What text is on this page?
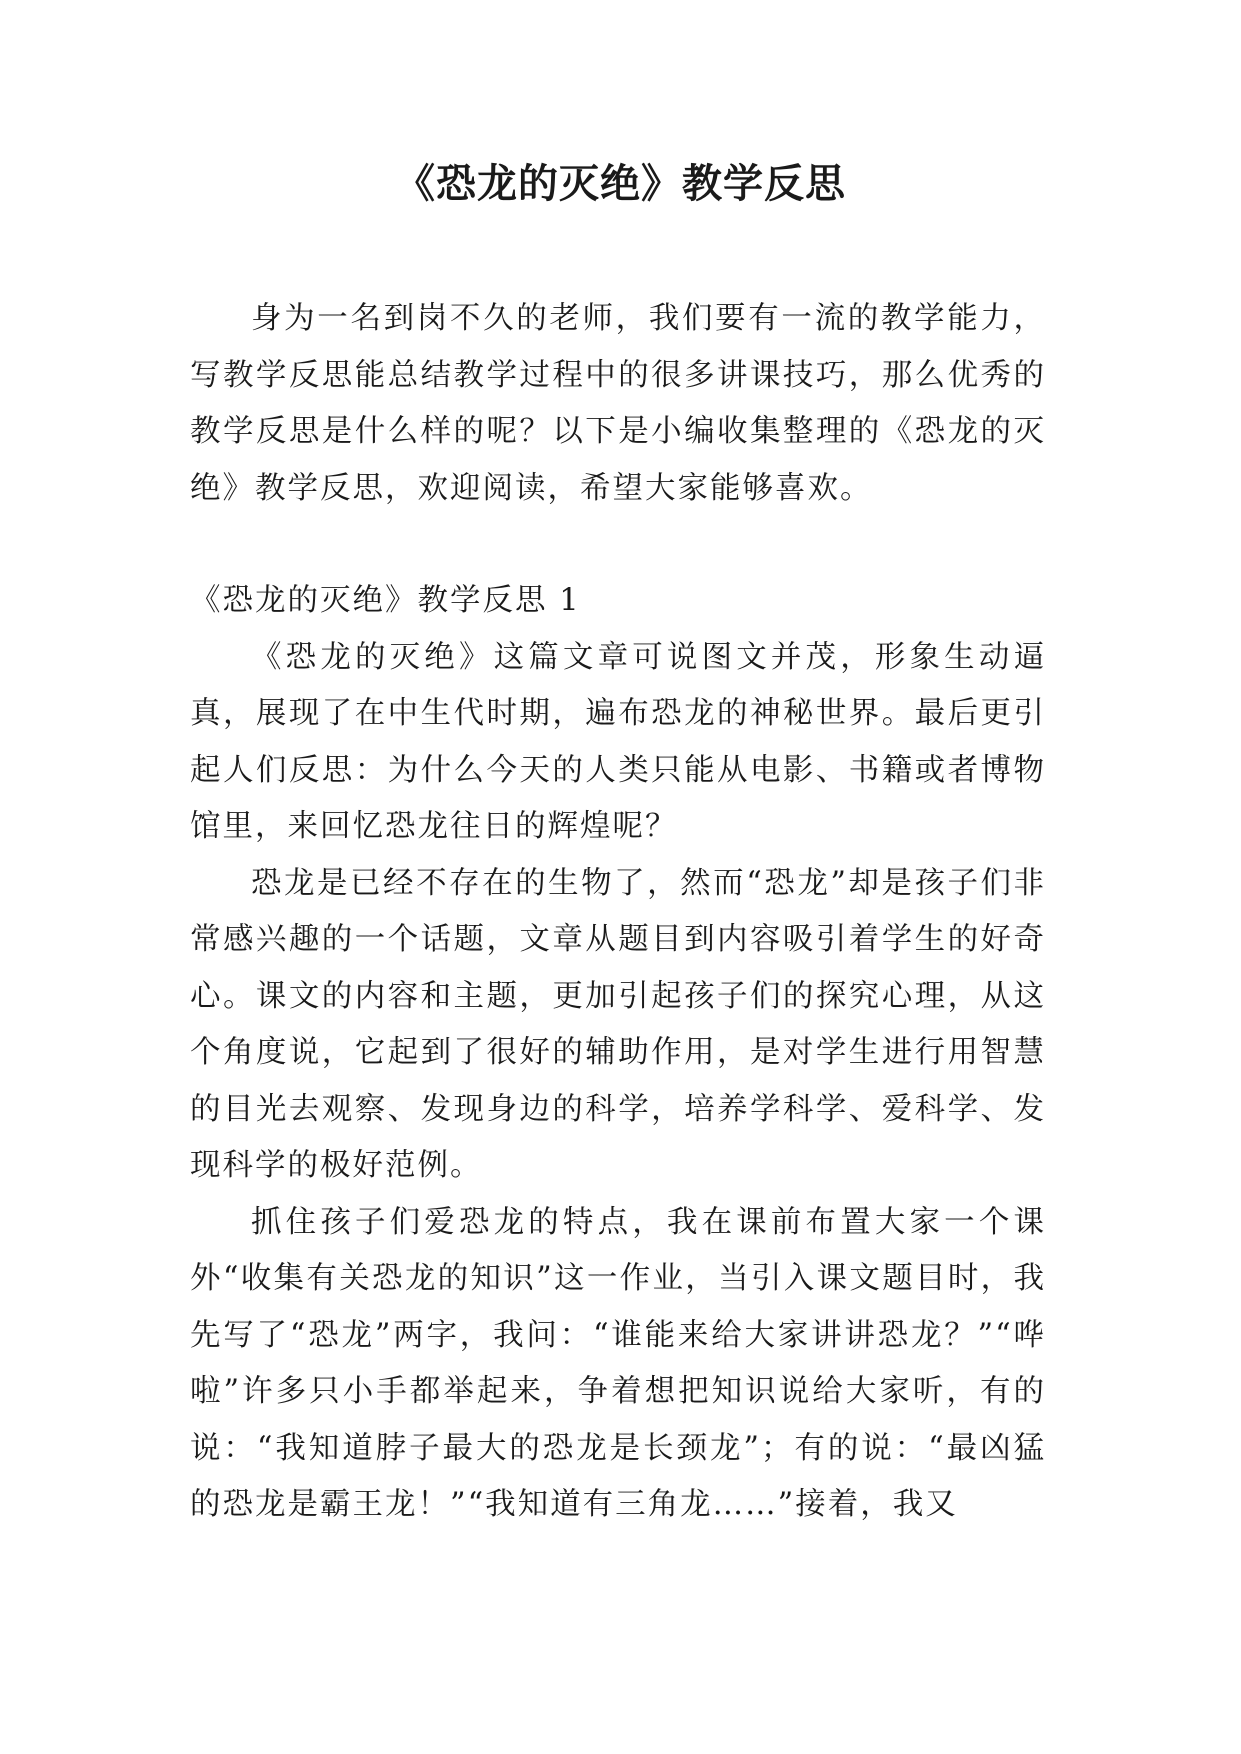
《恐龙的灭绝》教学反思

身为一名到岗不久的老师，我们要有一流的教学能力，写教学反思能总结教学过程中的很多讲课技巧，那么优秀的教学反思是什么样的呢？以下是小编收集整理的《恐龙的灭绝》教学反思，欢迎阅读，希望大家能够喜欢。

《恐龙的灭绝》教学反思 1

《恐龙的灭绝》这篇文章可说图文并茂，形象生动逼真，展现了在中生代时期，遍布恐龙的神秘世界。最后更引起人们反思：为什么今天的人类只能从电影、书籍或者博物馆里，来回忆恐龙往日的辉煌呢？

恐龙是已经不存在的生物了，然而“恐龙”却是孩子们非常感兴趣的一个话题，文章从题目到内容吸引着学生的好奇心。课文的内容和主题，更加引起孩子们的探究心理，从这个角度说，它起到了很好的辅助作用，是对学生进行用智慧的目光去观察、发现身边的科学，培养学科学、爱科学、发现科学的极好范例。

抓住孩子们爱恐龙的特点，我在课前布置大家一个课外“收集有关恐龙的知识”这一作业，当引入课文题目时，我先写了“恐龙”两字，我问：“谁能来给大家讲讲恐龙？”“哗啦”许多只小手都举起来，争着想把知识说给大家听，有的说：“我知道脖子最大的恐龙是长颈龙”；有的说：“最凶猛的恐龙是霸王龙！”“我知道有三角龙……”接着，我又
